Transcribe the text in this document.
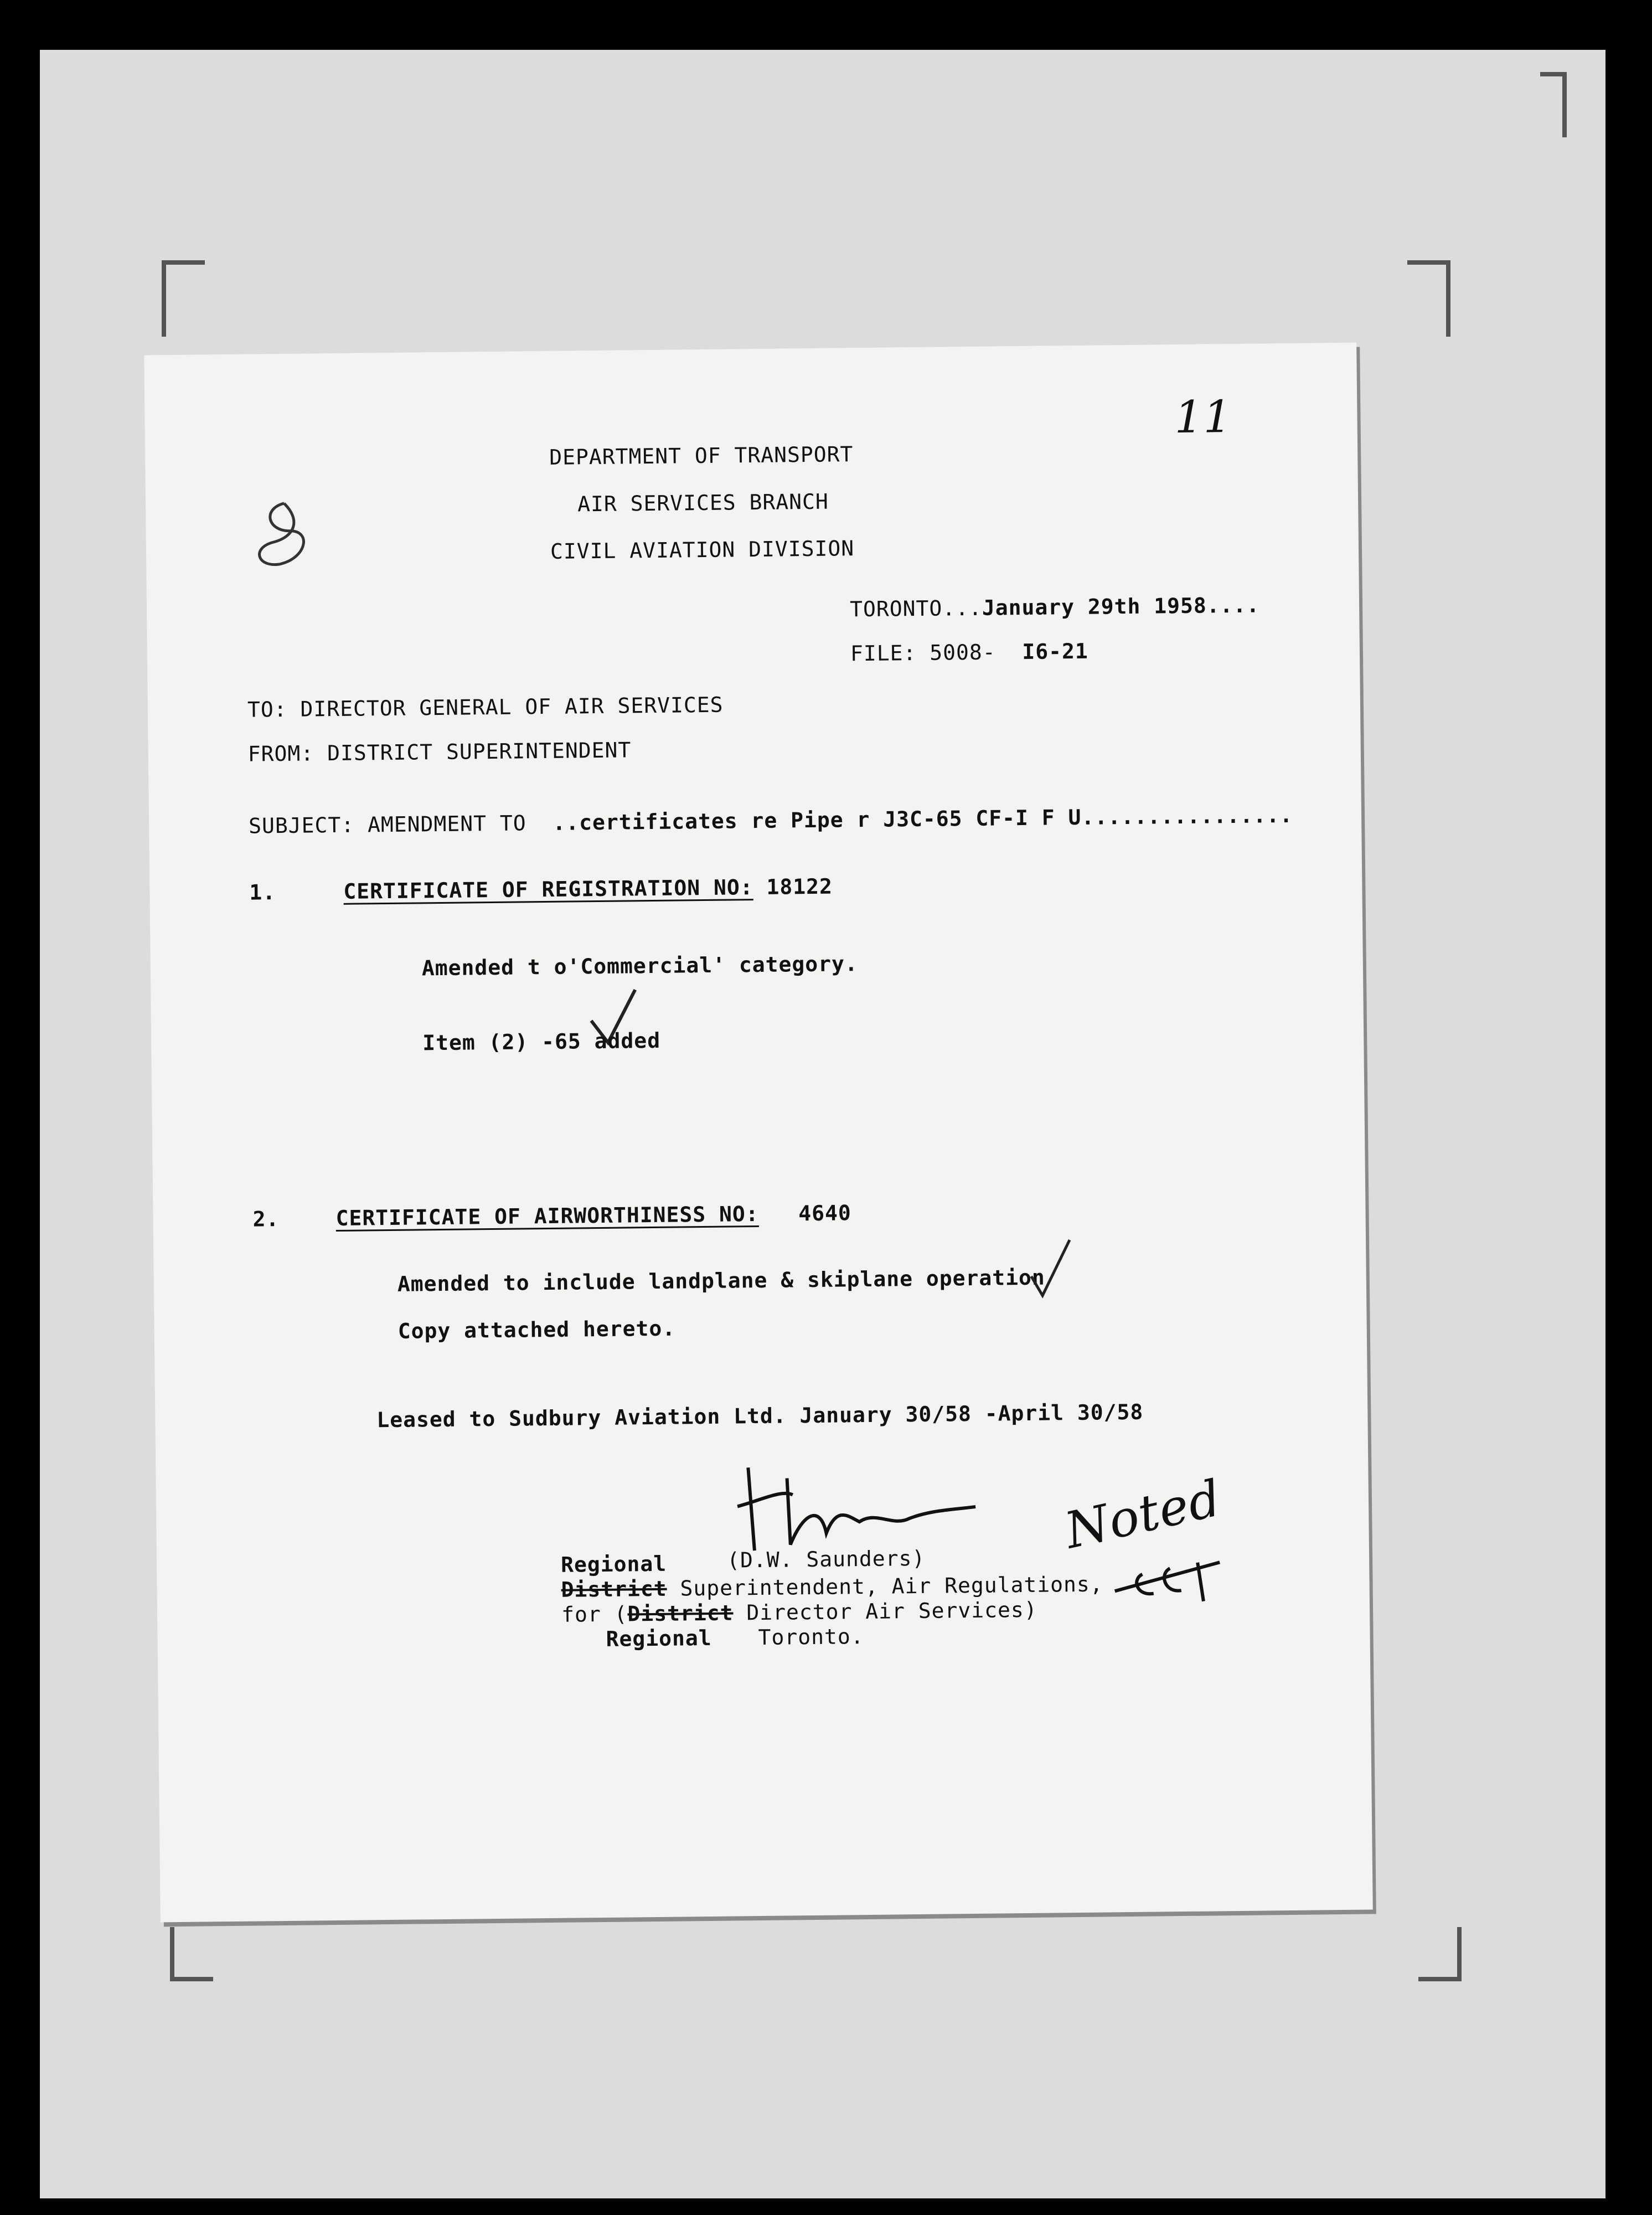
11
DEPARTMENT OF TRANSPORT
AIR SERVICES BRANCH
CIVIL AVIATION DIVISION
TORONTO...January 29th 1958....
FILE: 5008- I6-21
TO: DIRECTOR GENERAL OF AIR SERVICES
FROM: DISTRICT SUPERINTENDENT
SUBJECT: AMENDMENT TO ..certificates re Pipe r J3C-65 CF-I F U................
1.	CERTIFICATE OF REGISTRATION NO: 18122
Amended t o'Commercial' category.
Item (2) -65 added
2.	CERTIFICATE OF AIRWORTHINESS NO: 4640
Amended to include landplane & skiplane operation
Copy attached hereto.
Leased to Sudbury Aviation Ltd. January 30/58 -April 30/58
Regional	(D.W. Saunders)
District Superintendent, Air Regulations,
for (District Director Air Services)
Regional Toronto.
Noted
